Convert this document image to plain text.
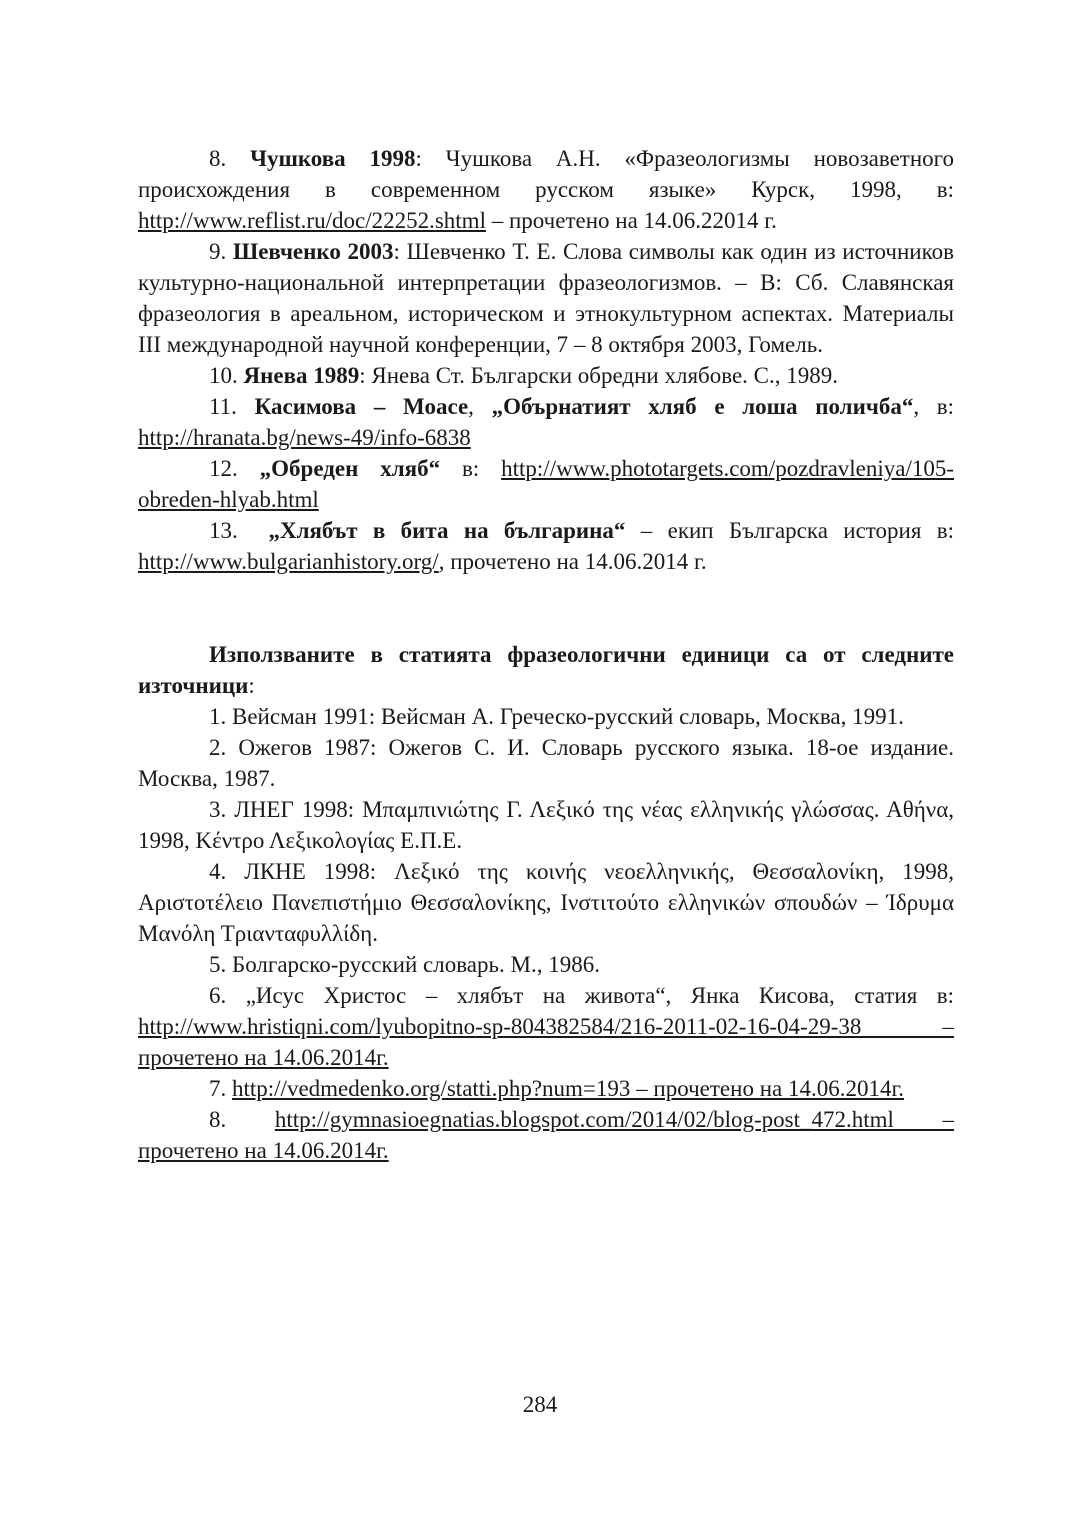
8. Чушкова 1998: Чушкова А.Н. «Фразеологизмы новозаветного происхождения в современном русском языке» Курск, 1998, в: http://www.reflist.ru/doc/22252.shtml – прочетено на 14.06.22014 г.

9. Шевченко 2003: Шевченко Т. Е. Слова символы как один из источников культурно-национальной интерпретации фразеологизмов. – В: Сб. Славянская фразеология в ареальном, историческом и этнокультурном аспектах. Материалы III международной научной конференции, 7 – 8 октября 2003, Гомель.

10. Янева 1989: Янева Ст. Български обредни хлябове. С., 1989.

11. Касимова – Моасе, „Обърнатият хляб е лоша поличба“, в: http://hranata.bg/news-49/info-6838

12. „Обреден хляб“ в: http://www.phototargets.com/pozdravleniya/105-obreden-hlyab.html

13. „Хлябът в бита на българина“ – екип Българска история в: http://www.bulgarianhistory.org/, прочетено на 14.06.2014 г.

Използваните в статията фразеологични единици са от следните източници:

1. Вейсман 1991: Вейсман А. Греческо-русский словарь, Москва, 1991.

2. Ожегов 1987: Ожегов С. И. Словарь русского языка. 18-ое издание. Москва, 1987.

3. ЛНЕГ 1998: Μπαμπινιώτης Γ. Λεξικό της νέας ελληνικής γλώσσας. Αθήνα, 1998, Κέντρο Λεξικολογίας Ε.Π.Ε.

4. ЛКНЕ 1998: Λεξικό της κοινής νεοελληνικής, Θεσσαλονίκη, 1998, Αριστοτέλειο Πανεπιστήμιο Θεσσαλονίκης, Ινστιτούτο ελληνικών σπουδών – Ίδρυμα Μανόλη Τριανταφυλλίδη.

5. Болгарско-русский словарь. М., 1986.

6. „Исус Христос – хлябът на живота“, Янка Кисова, статия в: http://www.hristiqni.com/lyubopitno-sp-804382584/216-2011-02-16-04-29-38 – прочетено на 14.06.2014г.

7. http://vedmedenko.org/statti.php?num=193 – прочетено на 14.06.2014г.

8. http://gymnasioegnatias.blogspot.com/2014/02/blog-post_472.html – прочетено на 14.06.2014г.

284
